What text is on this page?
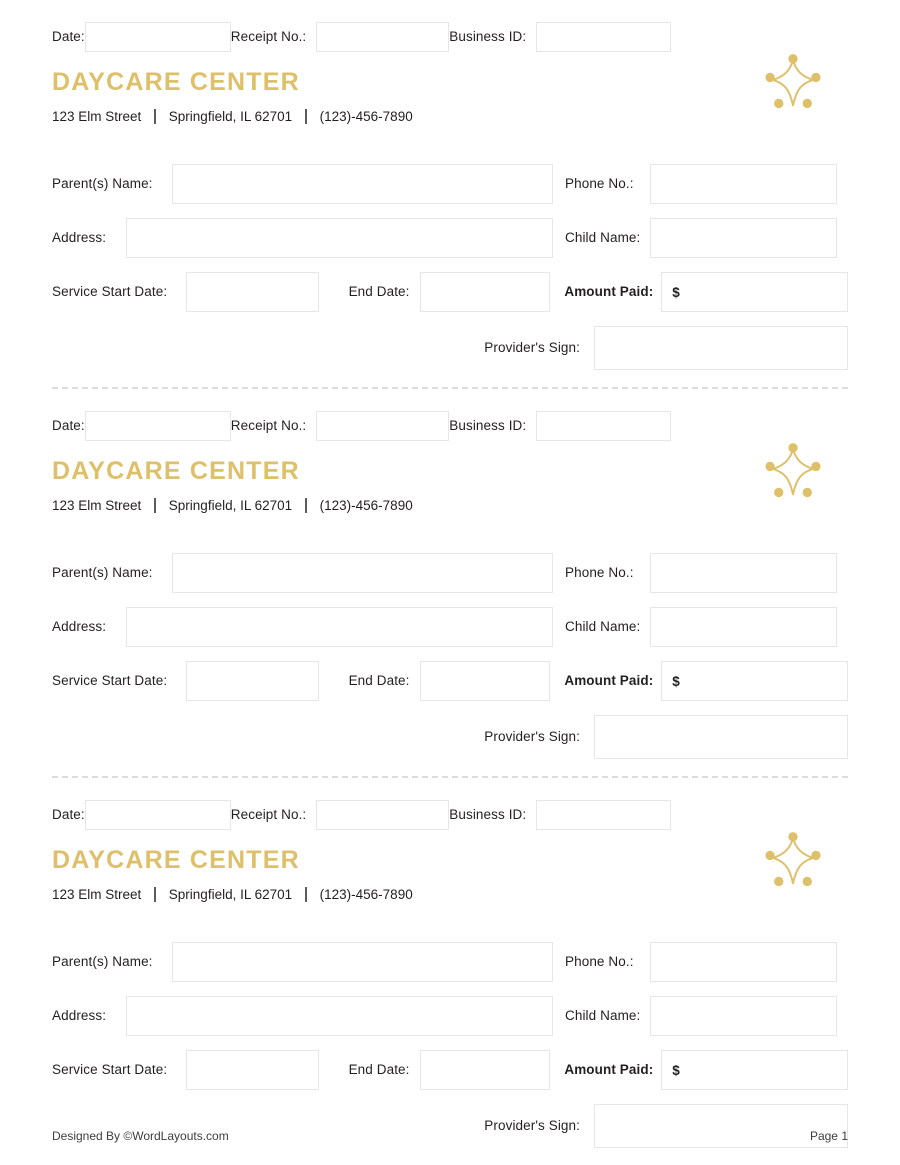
Date:	Receipt No.:	Business ID:
DAYCARE CENTER
123 Elm Street Springfield, IL 62701 (123)-456-7890
Parent(s) Name:	Phone No.:
Address:	Child Name:
Service Start Date:	End Date:	Amount Paid:	$
Provider's Sign:
Date:	Receipt No.:	Business ID:
DAYCARE CENTER
123 Elm Street Springfield, IL 62701 (123)-456-7890
Parent(s) Name:	Phone No.:
Address:	Child Name:
Service Start Date:	End Date:	Amount Paid:	$
Provider's Sign:
Date:	Receipt No.:	Business ID:
DAYCARE CENTER
123 Elm Street Springfield, IL 62701 (123)-456-7890
Parent(s) Name:	Phone No.:
Address:	Child Name:
Service Start Date:	End Date:	Amount Paid:	$
Provider's Sign:
Designed By ©WordLayouts.com	Page 1
